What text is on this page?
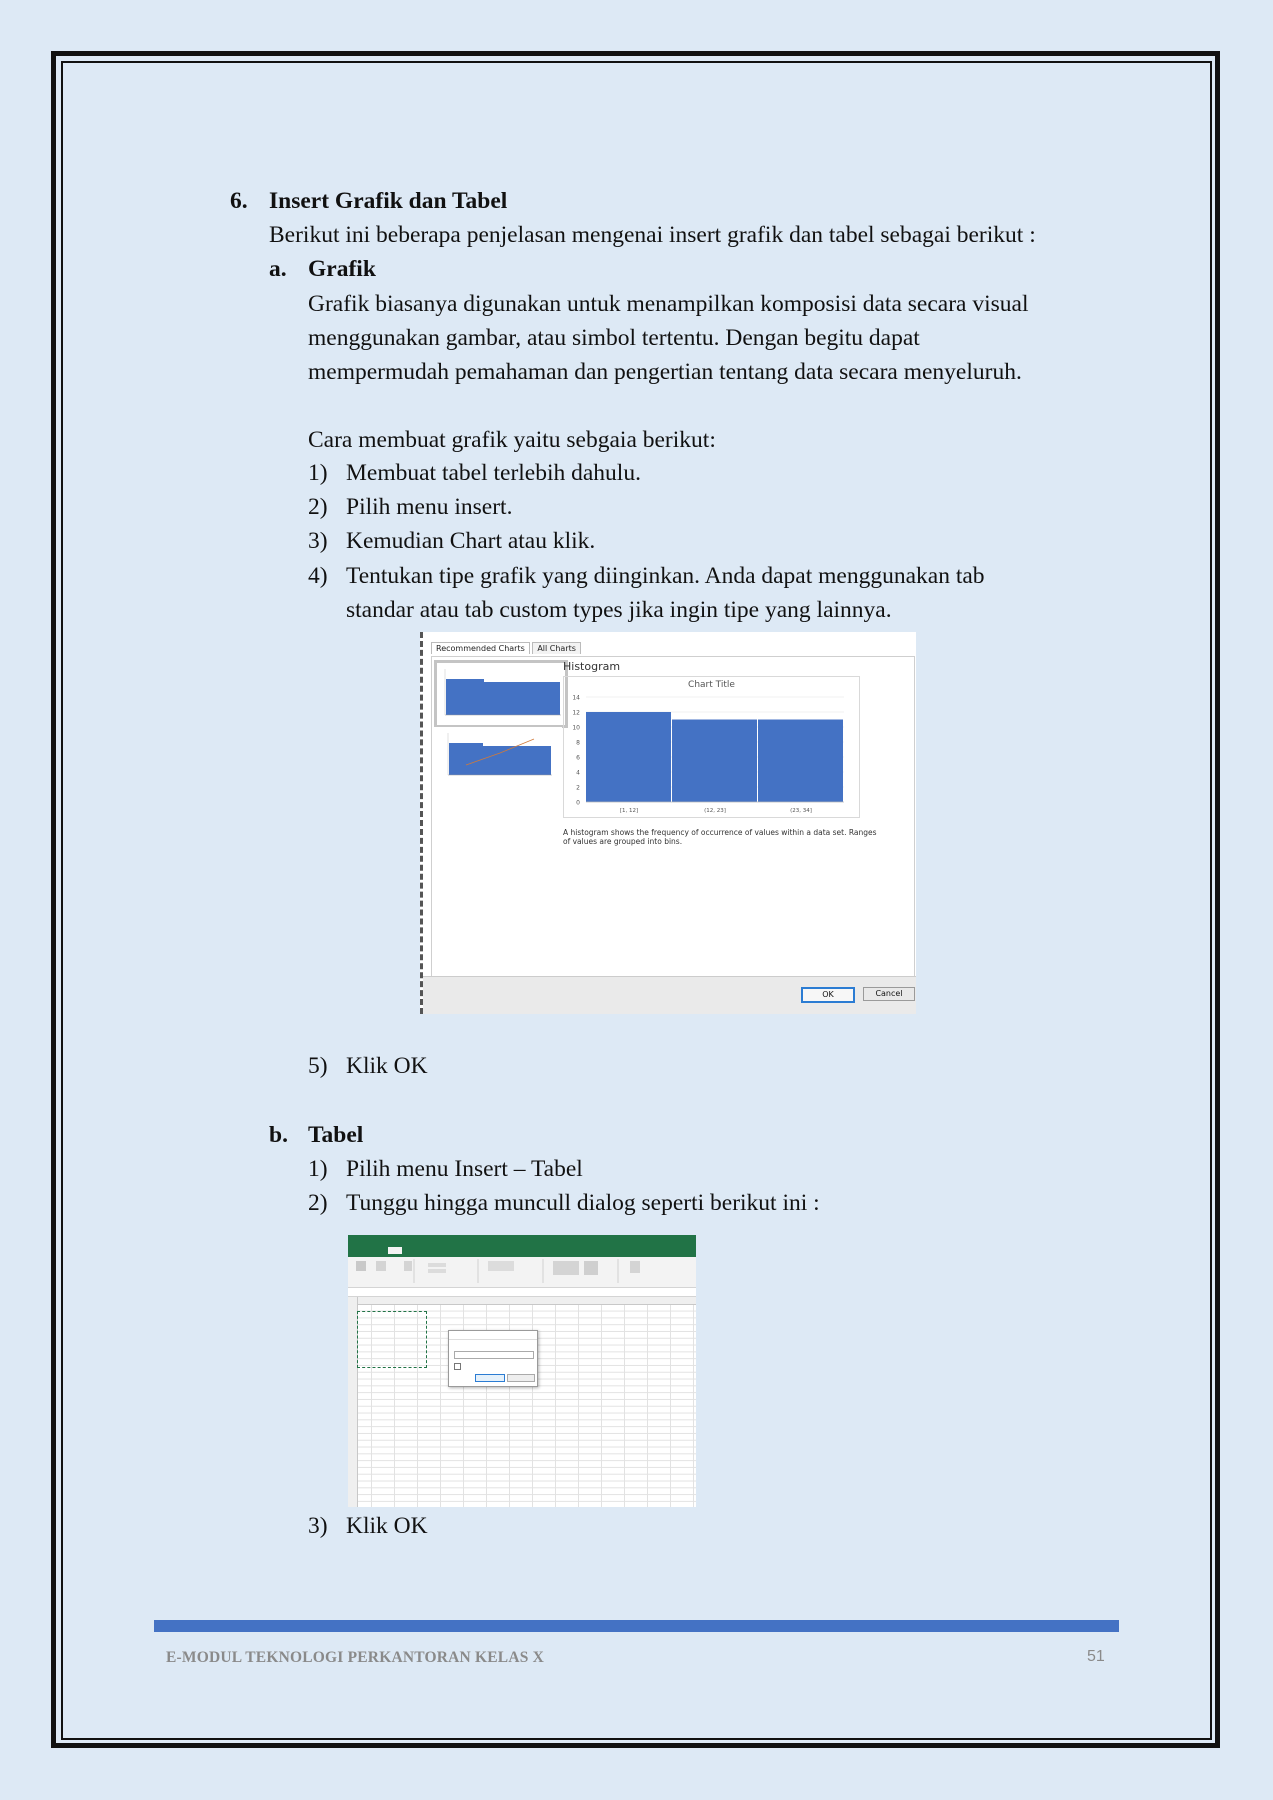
6. Insert Grafik dan Tabel
Berikut ini beberapa penjelasan mengenai insert grafik dan tabel sebagai berikut :
a. Grafik
Grafik biasanya digunakan untuk menampilkan komposisi data secara visual
menggunakan gambar, atau simbol tertentu. Dengan begitu dapat
mempermudah pemahaman dan pengertian tentang data secara menyeluruh.
Cara membuat grafik yaitu sebgaia berikut:
1) Membuat tabel terlebih dahulu.
2) Pilih menu insert.
3) Kemudian Chart atau klik.
4) Tentukan tipe grafik yang diinginkan. Anda dapat menggunakan tab
standar atau tab custom types jika ingin tipe yang lainnya.
Recommended Charts All Charts
Histogram
Chart Title
0
2
4
6
8
10
12
14
[1, 12]	(12, 23]	(23, 34]
A histogram shows the frequency of occurrence of values within a data set. Ranges of values are grouped into bins.
OK	Cancel
5) Klik OK
b. Tabel
1) Pilih menu Insert – Tabel
2) Tunggu hingga muncull dialog seperti berikut ini :

3) Klik OK
E-MODUL TEKNOLOGI PERKANTORAN KELAS X	51
